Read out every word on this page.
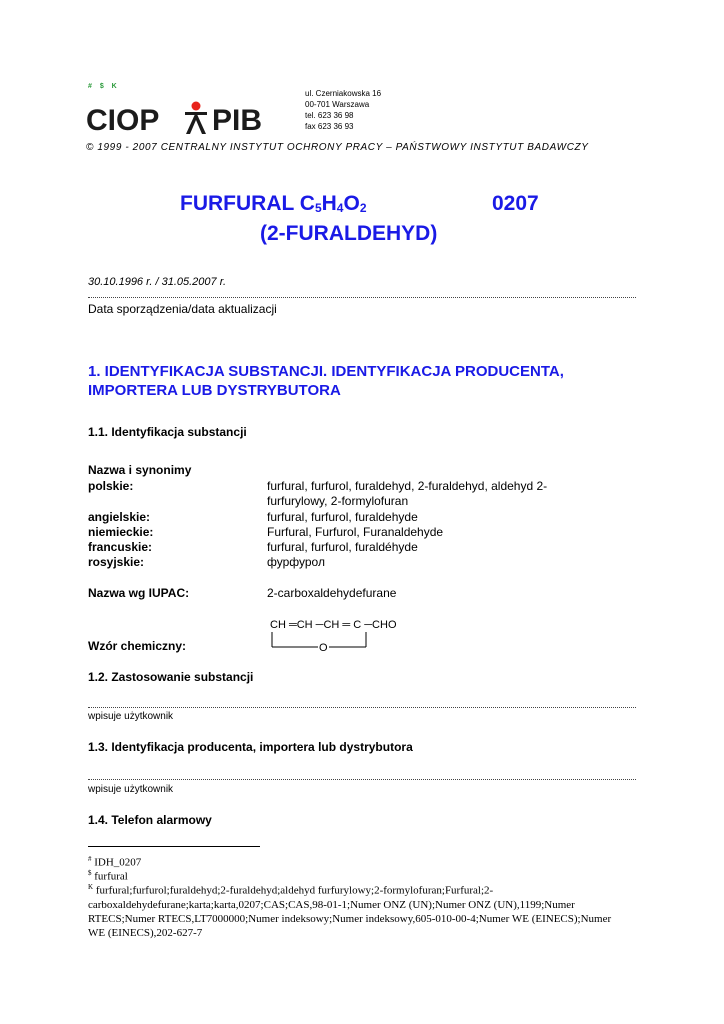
# $ K
CIOP PIB
ul. Czerniakowska 16
00-701 Warszawa
tel. 623 36 98
fax 623 36 93
© 1999 - 2007 CENTRALNY INSTYTUT OCHRONY PRACY – PAŃSTWOWY INSTYTUT BADAWCZY
FURFURAL $C_5H_4O_2$	0207
(2-FURALDEHYD)
30.10.1996 r. / 31.05.2007 r.
Data sporządzenia/data aktualizacji
1. IDENTYFIKACJA SUBSTANCJI. IDENTYFIKACJA PRODUCENTA, IMPORTERA LUB DYSTRYBUTORA
1.1. Identyfikacja substancji
Nazwa i synonimy
polskie:	furfural, furfurol, furaldehyd, 2-furaldehyd, aldehyd 2-furfurylowy, 2-formylofuran
angielskie:	furfural, furfurol, furaldehyde
niemieckie:	Furfural, Furfurol, Furanaldehyde
francuskie:	furfural, furfurol, furaldéhyde
rosyjskie:	фурфурол
Nazwa wg IUPAC:	2-carboxaldehydefurane
CH ═CH ─CH ═ C ─CHO
O
Wzór chemiczny:
1.2. Zastosowanie substancji
wpisuje użytkownik
1.3. Identyfikacja producenta, importera lub dystrybutora
wpisuje użytkownik
1.4. Telefon alarmowy
# IDH_0207
$ furfural
$^K$ furfural;furfurol;furaldehyd;2-furaldehyd;aldehyd furfurylowy;2-formylofuran;Furfural;2-carboxaldehydefurane;karta;karta,0207;CAS;CAS,98-01-1;Numer ONZ (UN);Numer ONZ (UN),1199;Numer RTECS;Numer RTECS,LT7000000;Numer indeksowy;Numer indeksowy,605-010-00-4;Numer WE (EINECS);Numer WE (EINECS),202-627-7
